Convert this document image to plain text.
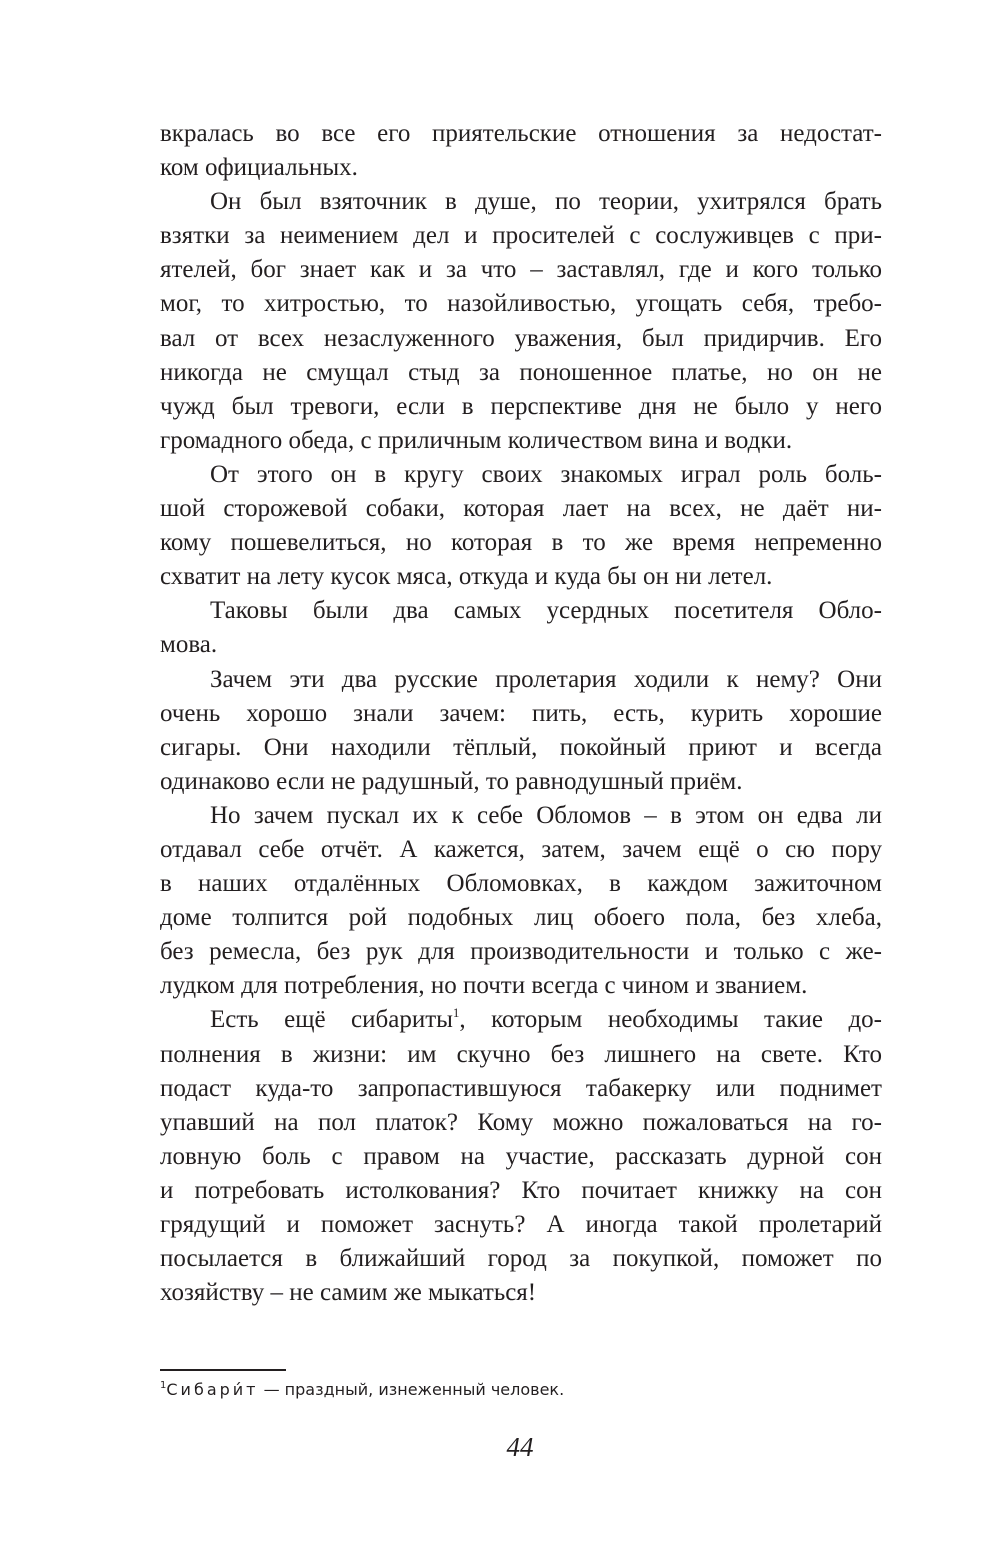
вкралась во все его приятельские отношения за недостат-
ком официальных.
Он был взяточник в душе, по теории, ухитрялся брать
взятки за неимением дел и просителей с сослуживцев с при-
ятелей, бог знает как и за что – заставлял, где и кого только
мог, то хитростью, то назойливостью, угощать себя, требо-
вал от всех незаслуженного уважения, был придирчив. Его
никогда не смущал стыд за поношенное платье, но он не
чужд был тревоги, если в перспективе дня не было у него
громадного обеда, с приличным количеством вина и водки.
От этого он в кругу своих знакомых играл роль боль-
шой сторожевой собаки, которая лает на всех, не даёт ни-
кому пошевелиться, но которая в то же время непременно
схватит на лету кусок мяса, откуда и куда бы он ни летел.
Таковы были два самых усердных посетителя Обло-
мова.
Зачем эти два русские пролетария ходили к нему? Они
очень хорошо знали зачем: пить, есть, курить хорошие
сигары. Они находили тёплый, покойный приют и всегда
одинаково если не радушный, то равнодушный приём.
Но зачем пускал их к себе Обломов – в этом он едва ли
отдавал себе отчёт. А кажется, затем, зачем ещё о сю пору
в наших отдалённых Обломовках, в каждом зажиточном
доме толпится рой подобных лиц обоего пола, без хлеба,
без ремесла, без рук для производительности и только с же-
лудком для потребления, но почти всегда с чином и званием.
Есть ещё сибариты$^1$, которым необходимы такие до-
полнения в жизни: им скучно без лишнего на свете. Кто
подаст куда-то запропастившуюся табакерку или поднимет
упавший на пол платок? Кому можно пожаловаться на го-
ловную боль с правом на участие, рассказать дурной сон
и потребовать истолкования? Кто почитает книжку на сон
грядущий и поможет заснуть? А иногда такой пролетарий
посылается в ближайший город за покупкой, поможет по
хозяйству – не самим же мыкаться!
$^1$Сибари́т — праздный, изнеженный человек.
44
